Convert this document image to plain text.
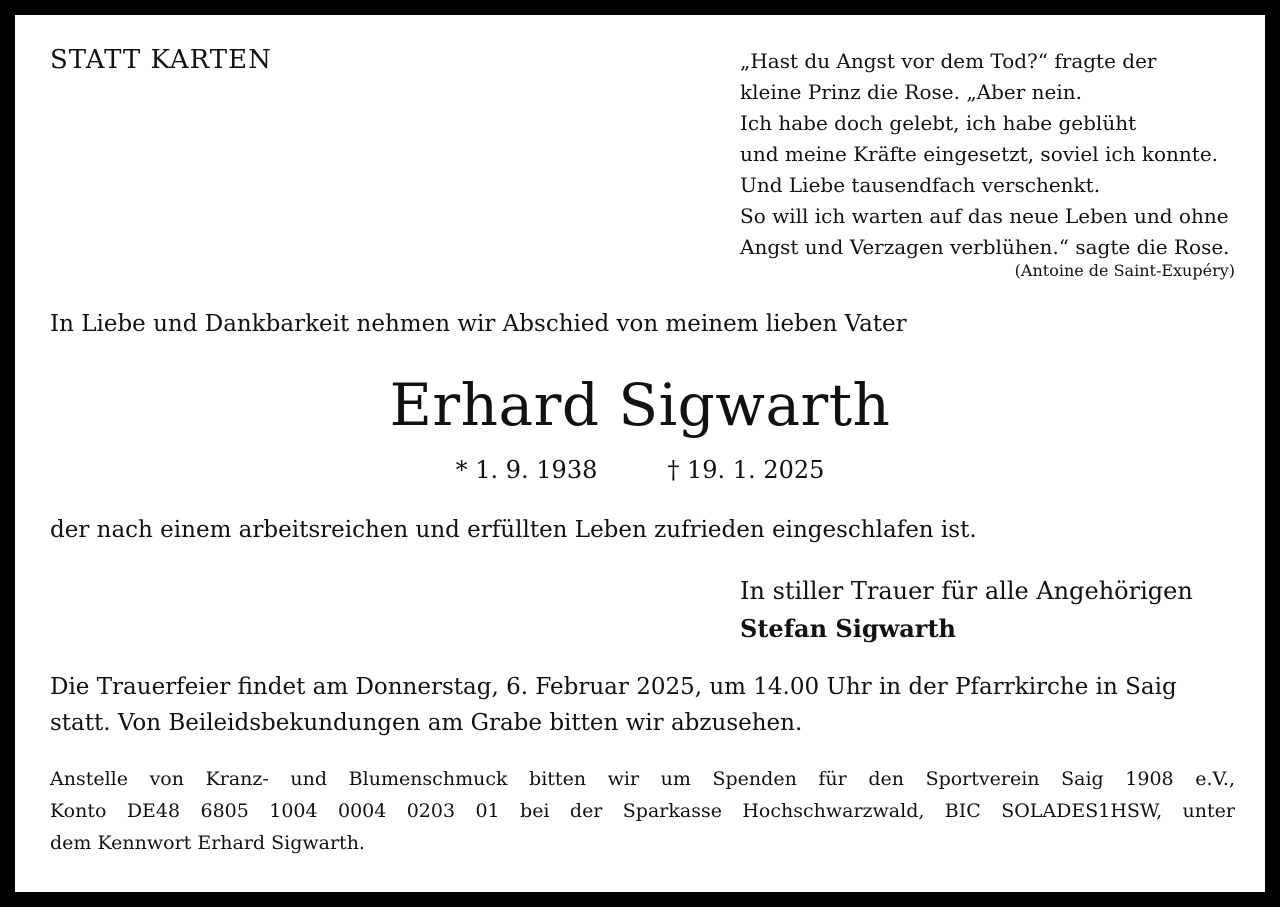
STATT KARTEN	„Hast du Angst vor dem Tod?“ fragte der
kleine Prinz die Rose. „Aber nein.
Ich habe doch gelebt, ich habe geblüht
und meine Kräfte eingesetzt, soviel ich konnte.
Und Liebe tausendfach verschenkt.
So will ich warten auf das neue Leben und ohne
Angst und Verzagen verblühen.“ sagte die Rose.
(Antoine de Saint-Exupéry)
In Liebe und Dankbarkeit nehmen wir Abschied von meinem lieben Vater
Erhard Sigwarth
* 1. 9. 1938	† 19. 1. 2025
der nach einem arbeitsreichen und erfüllten Leben zufrieden eingeschlafen ist.
In stiller Trauer für alle Angehörigen
Stefan Sigwarth
Die Trauerfeier findet am Donnerstag, 6. Februar 2025, um 14.00 Uhr in der Pfarrkirche in Saig
statt. Von Beileidsbekundungen am Grabe bitten wir abzusehen.
Anstelle von Kranz- und Blumenschmuck bitten wir um Spenden für den Sportverein Saig 1908 e.V.,
Konto DE48 6805 1004 0004 0203 01 bei der Sparkasse Hochschwarzwald, BIC SOLADES1HSW, unter
dem Kennwort Erhard Sigwarth.
